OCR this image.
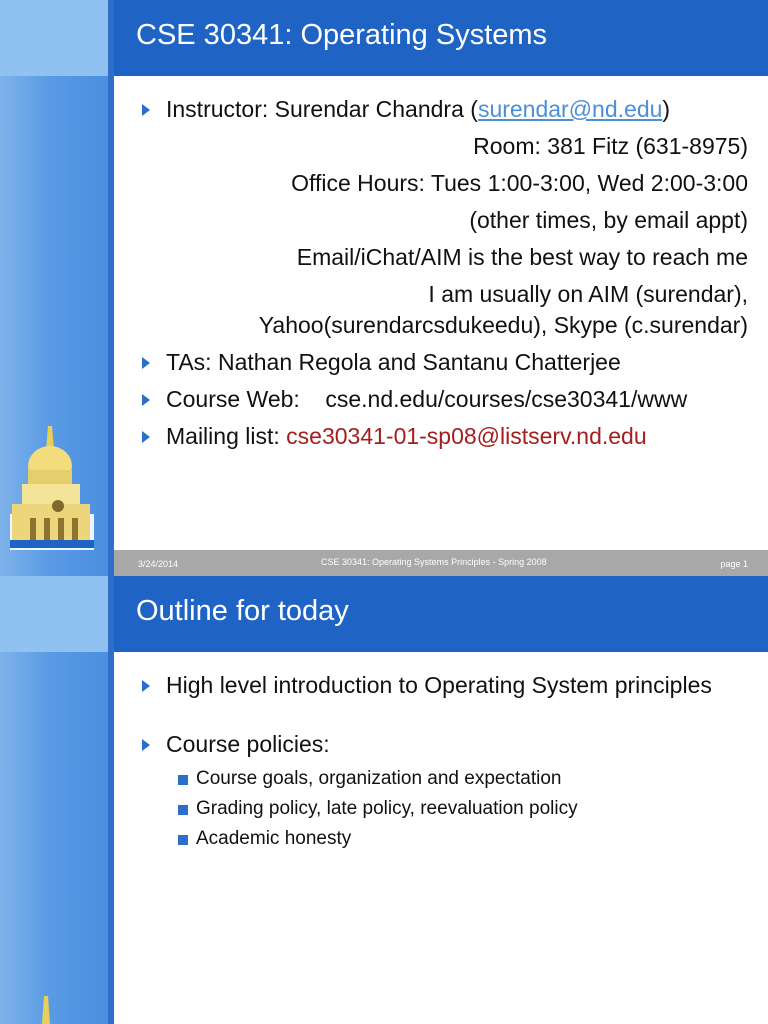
CSE 30341: Operating Systems
Instructor: Surendar Chandra (surendar@nd.edu)
Room: 381 Fitz (631-8975)
Office Hours: Tues 1:00-3:00, Wed 2:00-3:00
(other times, by email appt)
Email/iChat/AIM is the best way to reach me
I am usually on AIM (surendar),
Yahoo(surendarcsdukeedu), Skype (c.surendar)
TAs: Nathan Regola and Santanu Chatterjee
Course Web:    cse.nd.edu/courses/cse30341/www
Mailing list: cse30341-01-sp08@listserv.nd.edu
3/24/2014	CSE 30341: Operating Systems Principles - Spring 2008	page 1
Outline for today
High level introduction to Operating System principles
Course policies:
Course goals, organization and expectation
Grading policy, late policy, reevaluation policy
Academic honesty
